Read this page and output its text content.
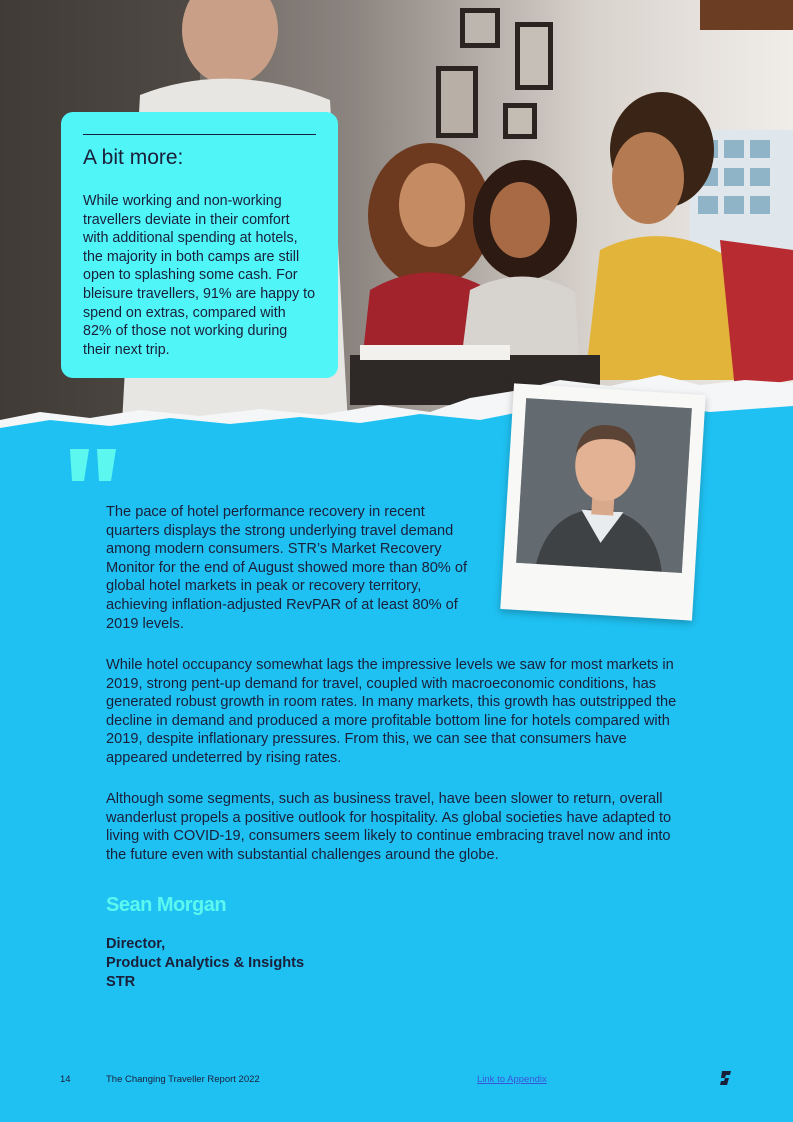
A bit more:

While working and non-working travellers deviate in their comfort with additional spending at hotels, the majority in both camps are still open to splashing some cash. For bleisure travellers, 91% are happy to spend on extras, compared with 82% of those not working during their next trip.

The pace of hotel performance recovery in recent quarters displays the strong underlying travel demand among modern consumers. STR’s Market Recovery Monitor for the end of August showed more than 80% of global hotel markets in peak or recovery territory, achieving inflation-adjusted RevPAR of at least 80% of 2019 levels.

While hotel occupancy somewhat lags the impressive levels we saw for most markets in 2019, strong pent-up demand for travel, coupled with macroeconomic conditions, has generated robust growth in room rates. In many markets, this growth has outstripped the decline in demand and produced a more profitable bottom line for hotels compared with 2019, despite inflationary pressures. From this, we can see that consumers have appeared undeterred by rising rates.

Although some segments, such as business travel, have been slower to return, overall wanderlust propels a positive outlook for hospitality. As global societies have adapted to living with COVID-19, consumers seem likely to continue embracing travel now and into the future even with substantial challenges around the globe.

Sean Morgan
Director,
Product Analytics & Insights
STR
14	The Changing Traveller Report 2022	Link to Appendix
